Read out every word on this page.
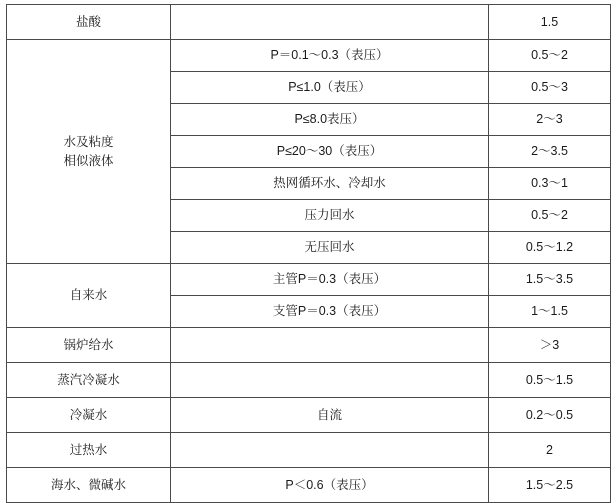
盐酸		1.5

水及粘度
相似液体	P＝0.1～0.3（表压）	0.5～2
	P≤1.0（表压）	0.5～3
	P≤8.0表压）	2～3
	P≤20～30（表压）	2～3.5
	热网循环水、冷却水	0.3～1
	压力回水	0.5～2
	无压回水	0.5～1.2
自来水	主管P＝0.3（表压）	1.5～3.5
	支管P＝0.3（表压）	1～1.5
锅炉给水		＞3
蒸汽冷凝水		0.5～1.5
冷凝水	自流	0.2～0.5
过热水		2
海水、微碱水	P＜0.6（表压）	1.5～2.5
